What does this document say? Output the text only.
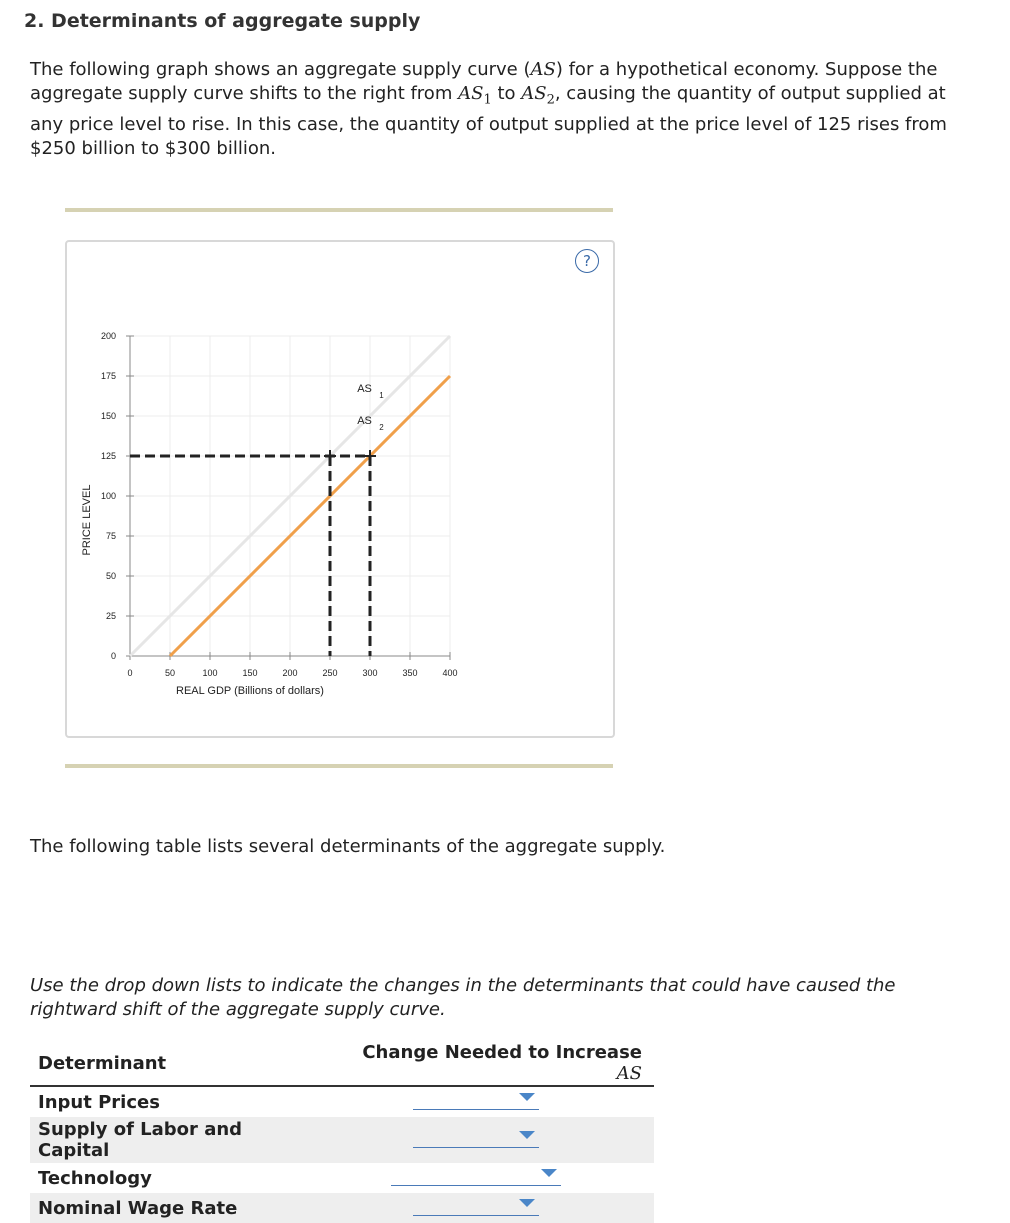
2. Determinants of aggregate supply
The following graph shows an aggregate supply curve (AS) for a hypothetical economy. Suppose the aggregate supply curve shifts to the right from $AS_1$ to $AS_2$, causing the quantity of output supplied at any price level to rise. In this case, the quantity of output supplied at the price level of 125 rises from $250 billion to $300 billion.
?
0
25
50
75
100
125
150
175
200
0	50	100	150	200	250	300	350	400
REAL GDP (Billions of dollars)
PRICE LEVEL
AS
1
AS
2

The following table lists several determinants of the aggregate supply.

Use the drop down lists to indicate the changes in the determinants that could have caused the rightward shift of the aggregate supply curve.

Determinant	Change Needed to Increase AS
Input Prices	

Supply of Labor and Capital	

Technology	

Nominal Wage Rate	
